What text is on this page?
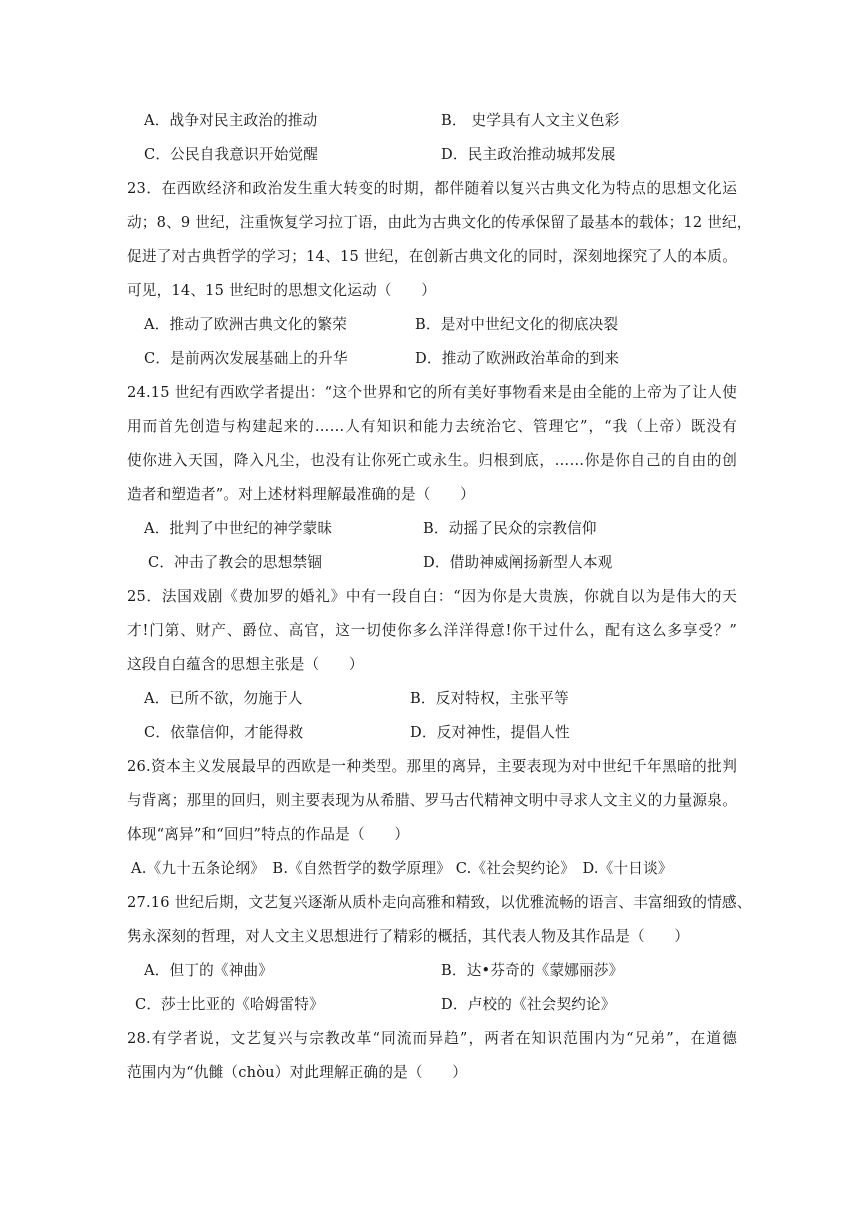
A．战争对民主政治的推动	B． 史学具有人文主义色彩
C．公民自我意识开始觉醒	D．民主政治推动城邦发展
23．在西欧经济和政治发生重大转变的时期，都伴随着以复兴古典文化为特点的思想文化运
动；8、9 世纪，注重恢复学习拉丁语，由此为古典文化的传承保留了最基本的载体；12 世纪，
促进了对古典哲学的学习；14、15 世纪，在创新古典文化的同时，深刻地探究了人的本质。
可见，14、15 世纪时的思想文化运动（　　）
A．推动了欧洲古典文化的繁荣	B．是对中世纪文化的彻底决裂
C．是前两次发展基础上的升华	D．推动了欧洲政治革命的到来
24.15 世纪有西欧学者提出：“这个世界和它的所有美好事物看来是由全能的上帝为了让人使
用而首先创造与构建起来的……人有知识和能力去统治它、管理它”，“我（上帝）既没有
使你进入天国，降入凡尘，也没有让你死亡或永生。归根到底，……你是你自己的自由的创
造者和塑造者”。对上述材料理解最准确的是（　　）
A．批判了中世纪的神学蒙昧	B．动摇了民众的宗教信仰
C．冲击了教会的思想禁锢	D．借助神威阐扬新型人本观
25．法国戏剧《费加罗的婚礼》中有一段自白：“因为你是大贵族，你就自以为是伟大的天
才!门第、财产、爵位、高官，这一切使你多么洋洋得意!你干过什么，配有这么多享受？”
这段自白蕴含的思想主张是（　　）
A．已所不欲，勿施于人	B．反对特权，主张平等
C．依靠信仰，才能得救	D．反对神性，提倡人性
26.资本主义发展最早的西欧是一种类型。那里的离异，主要表现为对中世纪千年黑暗的批判
与背离；那里的回归，则主要表现为从希腊、罗马古代精神文明中寻求人文主义的力量源泉。
体现“离异”和“回归”特点的作品是（　　）
A.《九十五条论纲》　B.《自然哲学的数学原理》 C.《社会契约论》　D.《十日谈》
27.16 世纪后期，文艺复兴逐渐从质朴走向高雅和精致，以优雅流畅的语言、丰富细致的情感、
隽永深刻的哲理，对人文主义思想进行了精彩的概括，其代表人物及其作品是（　　）
A．但丁的《神曲》	B．达•芬奇的《蒙娜丽莎》
C．莎士比亚的《哈姆雷特》	D．卢校的《社会契约论》
28.有学者说，文艺复兴与宗教改革“同流而异趋”，两者在知识范围内为“兄弟”，在道德
范围内为“仇雠（chòu）对此理解正确的是（　　）
